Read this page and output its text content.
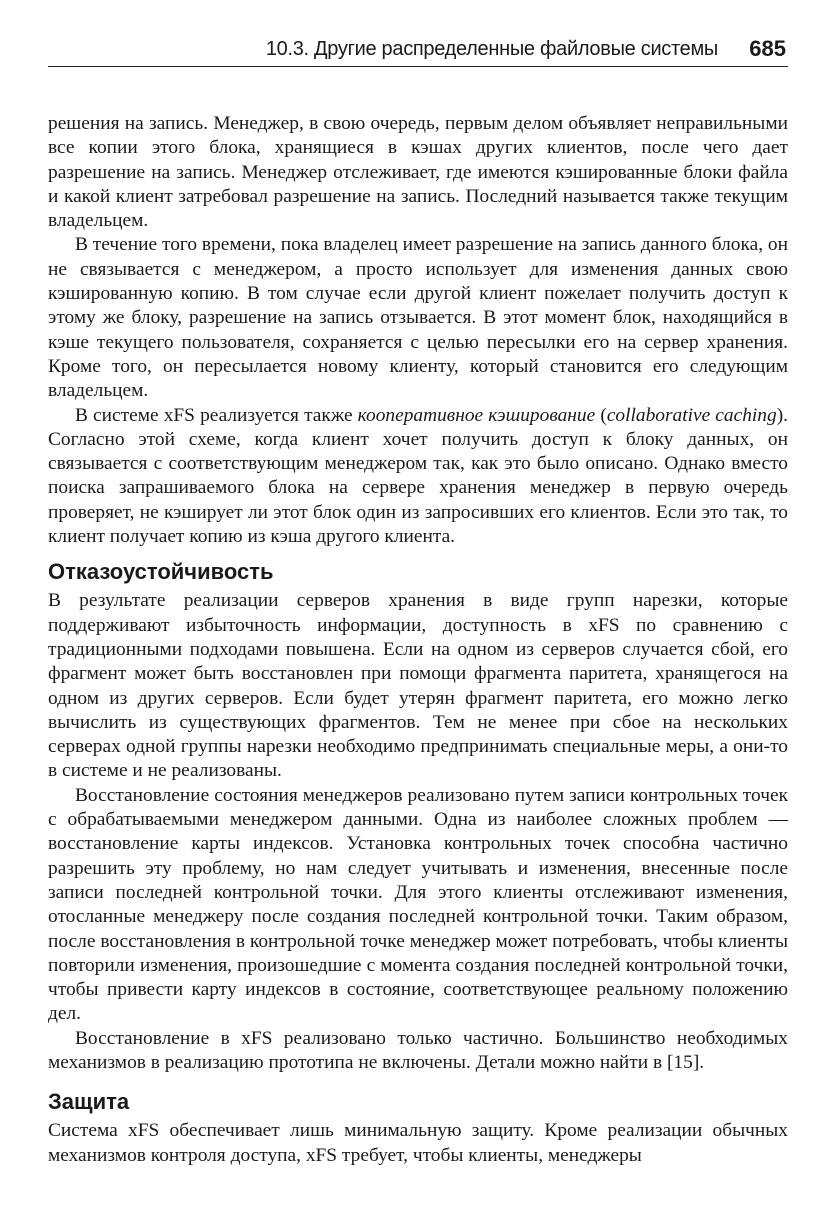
10.3. Другие распределенные файловые системы 685

решения на запись. Менеджер, в свою очередь, первым делом объявляет неправильными все копии этого блока, хранящиеся в кэшах других клиентов, после чего дает разрешение на запись. Менеджер отслеживает, где имеются кэшированные блоки файла и какой клиент затребовал разрешение на запись. Последний называется также текущим владельцем.

В течение того времени, пока владелец имеет разрешение на запись данного блока, он не связывается с менеджером, а просто использует для изменения данных свою кэшированную копию. В том случае если другой клиент пожелает получить доступ к этому же блоку, разрешение на запись отзывается. В этот момент блок, находящийся в кэше текущего пользователя, сохраняется с целью пересылки его на сервер хранения. Кроме того, он пересылается новому клиенту, который становится его следующим владельцем.

В системе xFS реализуется также кооперативное кэширование (collaborative caching). Согласно этой схеме, когда клиент хочет получить доступ к блоку данных, он связывается с соответствующим менеджером так, как это было описано. Однако вместо поиска запрашиваемого блока на сервере хранения менеджер в первую очередь проверяет, не кэширует ли этот блок один из запросивших его клиентов. Если это так, то клиент получает копию из кэша другого клиента.

Отказоустойчивость

В результате реализации серверов хранения в виде групп нарезки, которые поддерживают избыточность информации, доступность в xFS по сравнению с традиционными подходами повышена. Если на одном из серверов случается сбой, его фрагмент может быть восстановлен при помощи фрагмента паритета, хранящегося на одном из других серверов. Если будет утерян фрагмент паритета, его можно легко вычислить из существующих фрагментов. Тем не менее при сбое на нескольких серверах одной группы нарезки необходимо предпринимать специальные меры, а они-то в системе и не реализованы.

Восстановление состояния менеджеров реализовано путем записи контрольных точек с обрабатываемыми менеджером данными. Одна из наиболее сложных проблем — восстановление карты индексов. Установка контрольных точек способна частично разрешить эту проблему, но нам следует учитывать и изменения, внесенные после записи последней контрольной точки. Для этого клиенты отслеживают изменения, отосланные менеджеру после создания последней контрольной точки. Таким образом, после восстановления в контрольной точке менеджер может потребовать, чтобы клиенты повторили изменения, произошедшие с момента создания последней контрольной точки, чтобы привести карту индексов в состояние, соответствующее реальному положению дел.

Восстановление в xFS реализовано только частично. Большинство необходимых механизмов в реализацию прототипа не включены. Детали можно найти в [15].

Защита

Система xFS обеспечивает лишь минимальную защиту. Кроме реализации обычных механизмов контроля доступа, xFS требует, чтобы клиенты, менеджеры
